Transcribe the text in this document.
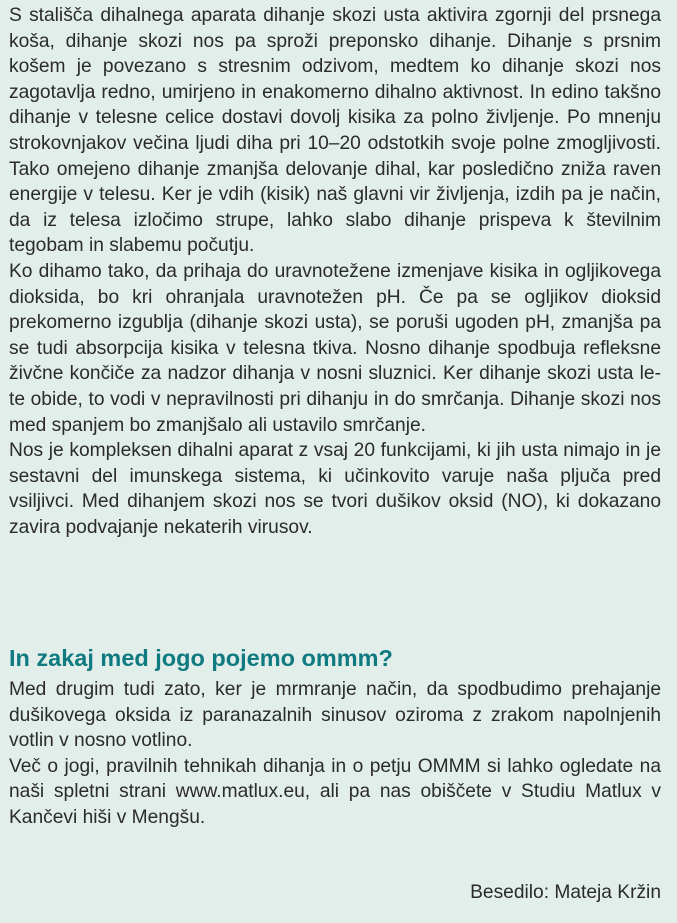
S stališča dihalnega aparata dihanje skozi usta aktivira zgornji del prsnega koša, dihanje skozi nos pa sproži preponsko dihanje. Dihanje s prsnim košem je povezano s stresnim odzivom, medtem ko dihanje skozi nos zagotavlja redno, umirjeno in enakomerno dihalno aktivnost. In edino takšno dihanje v telesne celice dostavi dovolj kisika za polno življenje. Po mnenju strokovnjakov večina ljudi diha pri 10–20 odstotkih svoje polne zmogljivosti. Tako omejeno dihanje zmanjša delovanje dihal, kar posledično zniža raven energije v telesu. Ker je vdih (kisik) naš glavni vir življenja, izdih pa je način, da iz telesa izločimo strupe, lahko slabo dihanje prispeva k številnim tegobam in slabemu počutju.

Ko dihamo tako, da prihaja do uravnotežene izmenjave kisika in ogljikovega dioksida, bo kri ohranjala uravnotežen pH. Če pa se ogljikov dioksid prekomerno izgublja (dihanje skozi usta), se poruši ugoden pH, zmanjša pa se tudi absorpcija kisika v telesna tkiva. Nosno dihanje spodbuja refleksne živčne končiče za nadzor dihanja v nosni sluznici. Ker dihanje skozi usta le-te obide, to vodi v nepravilnosti pri dihanju in do smrčanja. Dihanje skozi nos med spanjem bo zmanjšalo ali ustavilo smrčanje.

Nos je kompleksen dihalni aparat z vsaj 20 funkcijami, ki jih usta nimajo in je sestavni del imunskega sistema, ki učinkovito varuje naša pljuča pred vsiljivci. Med dihanjem skozi nos se tvori dušikov oksid (NO), ki dokazano zavira podvajanje nekaterih virusov.

In zakaj med jogo pojemo ommm?

Med drugim tudi zato, ker je mrmranje način, da spodbudimo prehajanje dušikovega oksida iz paranazalnih sinusov oziroma z zrakom napolnjenih votlin v nosno votlino.

Več o jogi, pravilnih tehnikah dihanja in o petju OMMM si lahko ogledate na naši spletni strani www.matlux.eu, ali pa nas obiščete v Studiu Matlux v Kančevi hiši v Mengšu.

Besedilo: Mateja Kržin
